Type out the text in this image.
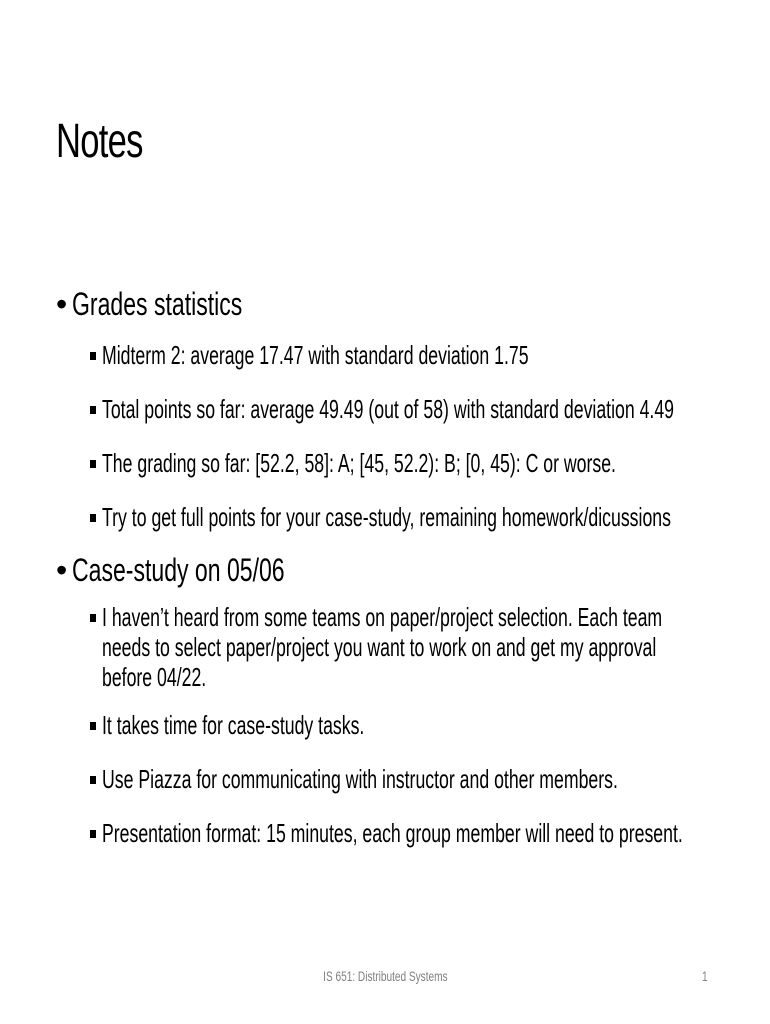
Notes
• Grades statistics
Midterm 2: average 17.47 with standard deviation 1.75
Total points so far: average 49.49 (out of 58) with standard deviation 4.49
The grading so far: [52.2, 58]: A; [45, 52.2): B; [0, 45): C or worse.
Try to get full points for your case-study, remaining homework/dicussions
• Case-study on 05/06
I haven’t heard from some teams on paper/project selection. Each team
needs to select paper/project you want to work on and get my approval
before 04/22.
It takes time for case-study tasks.
Use Piazza for communicating with instructor and other members.
Presentation format: 15 minutes, each group member will need to present.
IS 651: Distributed Systems	1
